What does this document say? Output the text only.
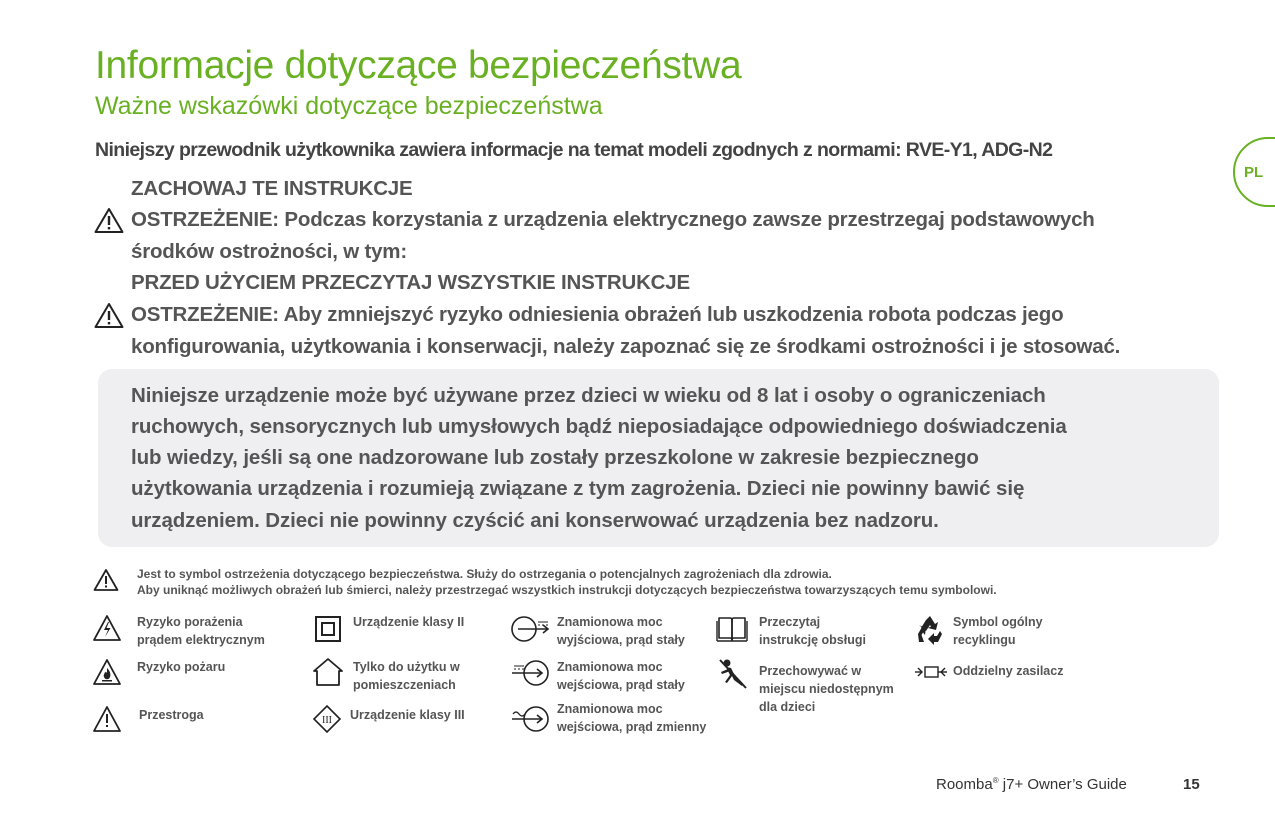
Informacje dotyczące bezpieczeństwa
Ważne wskazówki dotyczące bezpieczeństwa
Niniejszy przewodnik użytkownika zawiera informacje na temat modeli zgodnych z normami: RVE-Y1, ADG-N2
PL
ZACHOWAJ TE INSTRUKCJE
OSTRZEŻENIE: Podczas korzystania z urządzenia elektrycznego zawsze przestrzegaj podstawowych
środków ostrożności, w tym:
PRZED UŻYCIEM PRZECZYTAJ WSZYSTKIE INSTRUKCJE
OSTRZEŻENIE: Aby zmniejszyć ryzyko odniesienia obrażeń lub uszkodzenia robota podczas jego
konfigurowania, użytkowania i konserwacji, należy zapoznać się ze środkami ostrożności i je stosować.
Niniejsze urządzenie może być używane przez dzieci w wieku od 8 lat i osoby o ograniczeniach
ruchowych, sensorycznych lub umysłowych bądź nieposiadające odpowiedniego doświadczenia
lub wiedzy, jeśli są one nadzorowane lub zostały przeszkolone w zakresie bezpiecznego
użytkowania urządzenia i rozumieją związane z tym zagrożenia. Dzieci nie powinny bawić się
urządzeniem. Dzieci nie powinny czyścić ani konserwować urządzenia bez nadzoru.
Jest to symbol ostrzeżenia dotyczącego bezpieczeństwa. Służy do ostrzegania o potencjalnych zagrożeniach dla zdrowia.
Aby uniknąć możliwych obrażeń lub śmierci, należy przestrzegać wszystkich instrukcji dotyczących bezpieczeństwa towarzyszących temu symbolowi.
Ryzyko porażenia
prądem elektrycznym
Ryzyko pożaru
Przestroga
Urządzenie klasy II
Tylko do użytku w
pomieszczeniach
III Urządzenie klasy III
Znamionowa moc
wyjściowa, prąd stały
Znamionowa moc
wejściowa, prąd stały
Znamionowa moc
wejściowa, prąd zmienny
Przeczytaj
instrukcję obsługi
Przechowywać w
miejscu niedostępnym
dla dzieci
Symbol ogólny
recyklingu
Oddzielny zasilacz
Roomba® j7+ Owner’s Guide	15
